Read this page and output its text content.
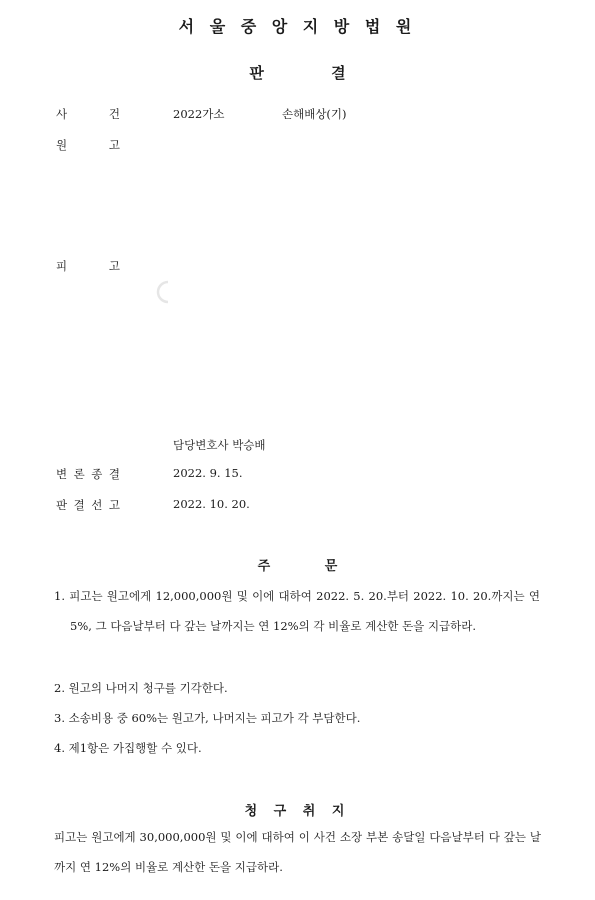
서 울 중 앙 지 방 법 원
판 결
사	건	2022가소	손해배상(기)
원	고
피	고
담당변호사 박승배
변 론 종 결	2022. 9. 15.
판 결 선 고	2022. 10. 20.
주 문
1. 피고는 원고에게 12,000,000원 및 이에 대하여 2022. 5. 20.부터 2022. 10. 20.까지는 연 5%, 그 다음날부터 다 갚는 날까지는 연 12%의 각 비율로 계산한 돈을 지급하라.
2. 원고의 나머지 청구를 기각한다.
3. 소송비용 중 60%는 원고가, 나머지는 피고가 각 부담한다.
4. 제1항은 가집행할 수 있다.
청 구 취 지
피고는 원고에게 30,000,000원 및 이에 대하여 이 사건 소장 부본 송달일 다음날부터 다 갚는 날까지 연 12%의 비율로 계산한 돈을 지급하라.
